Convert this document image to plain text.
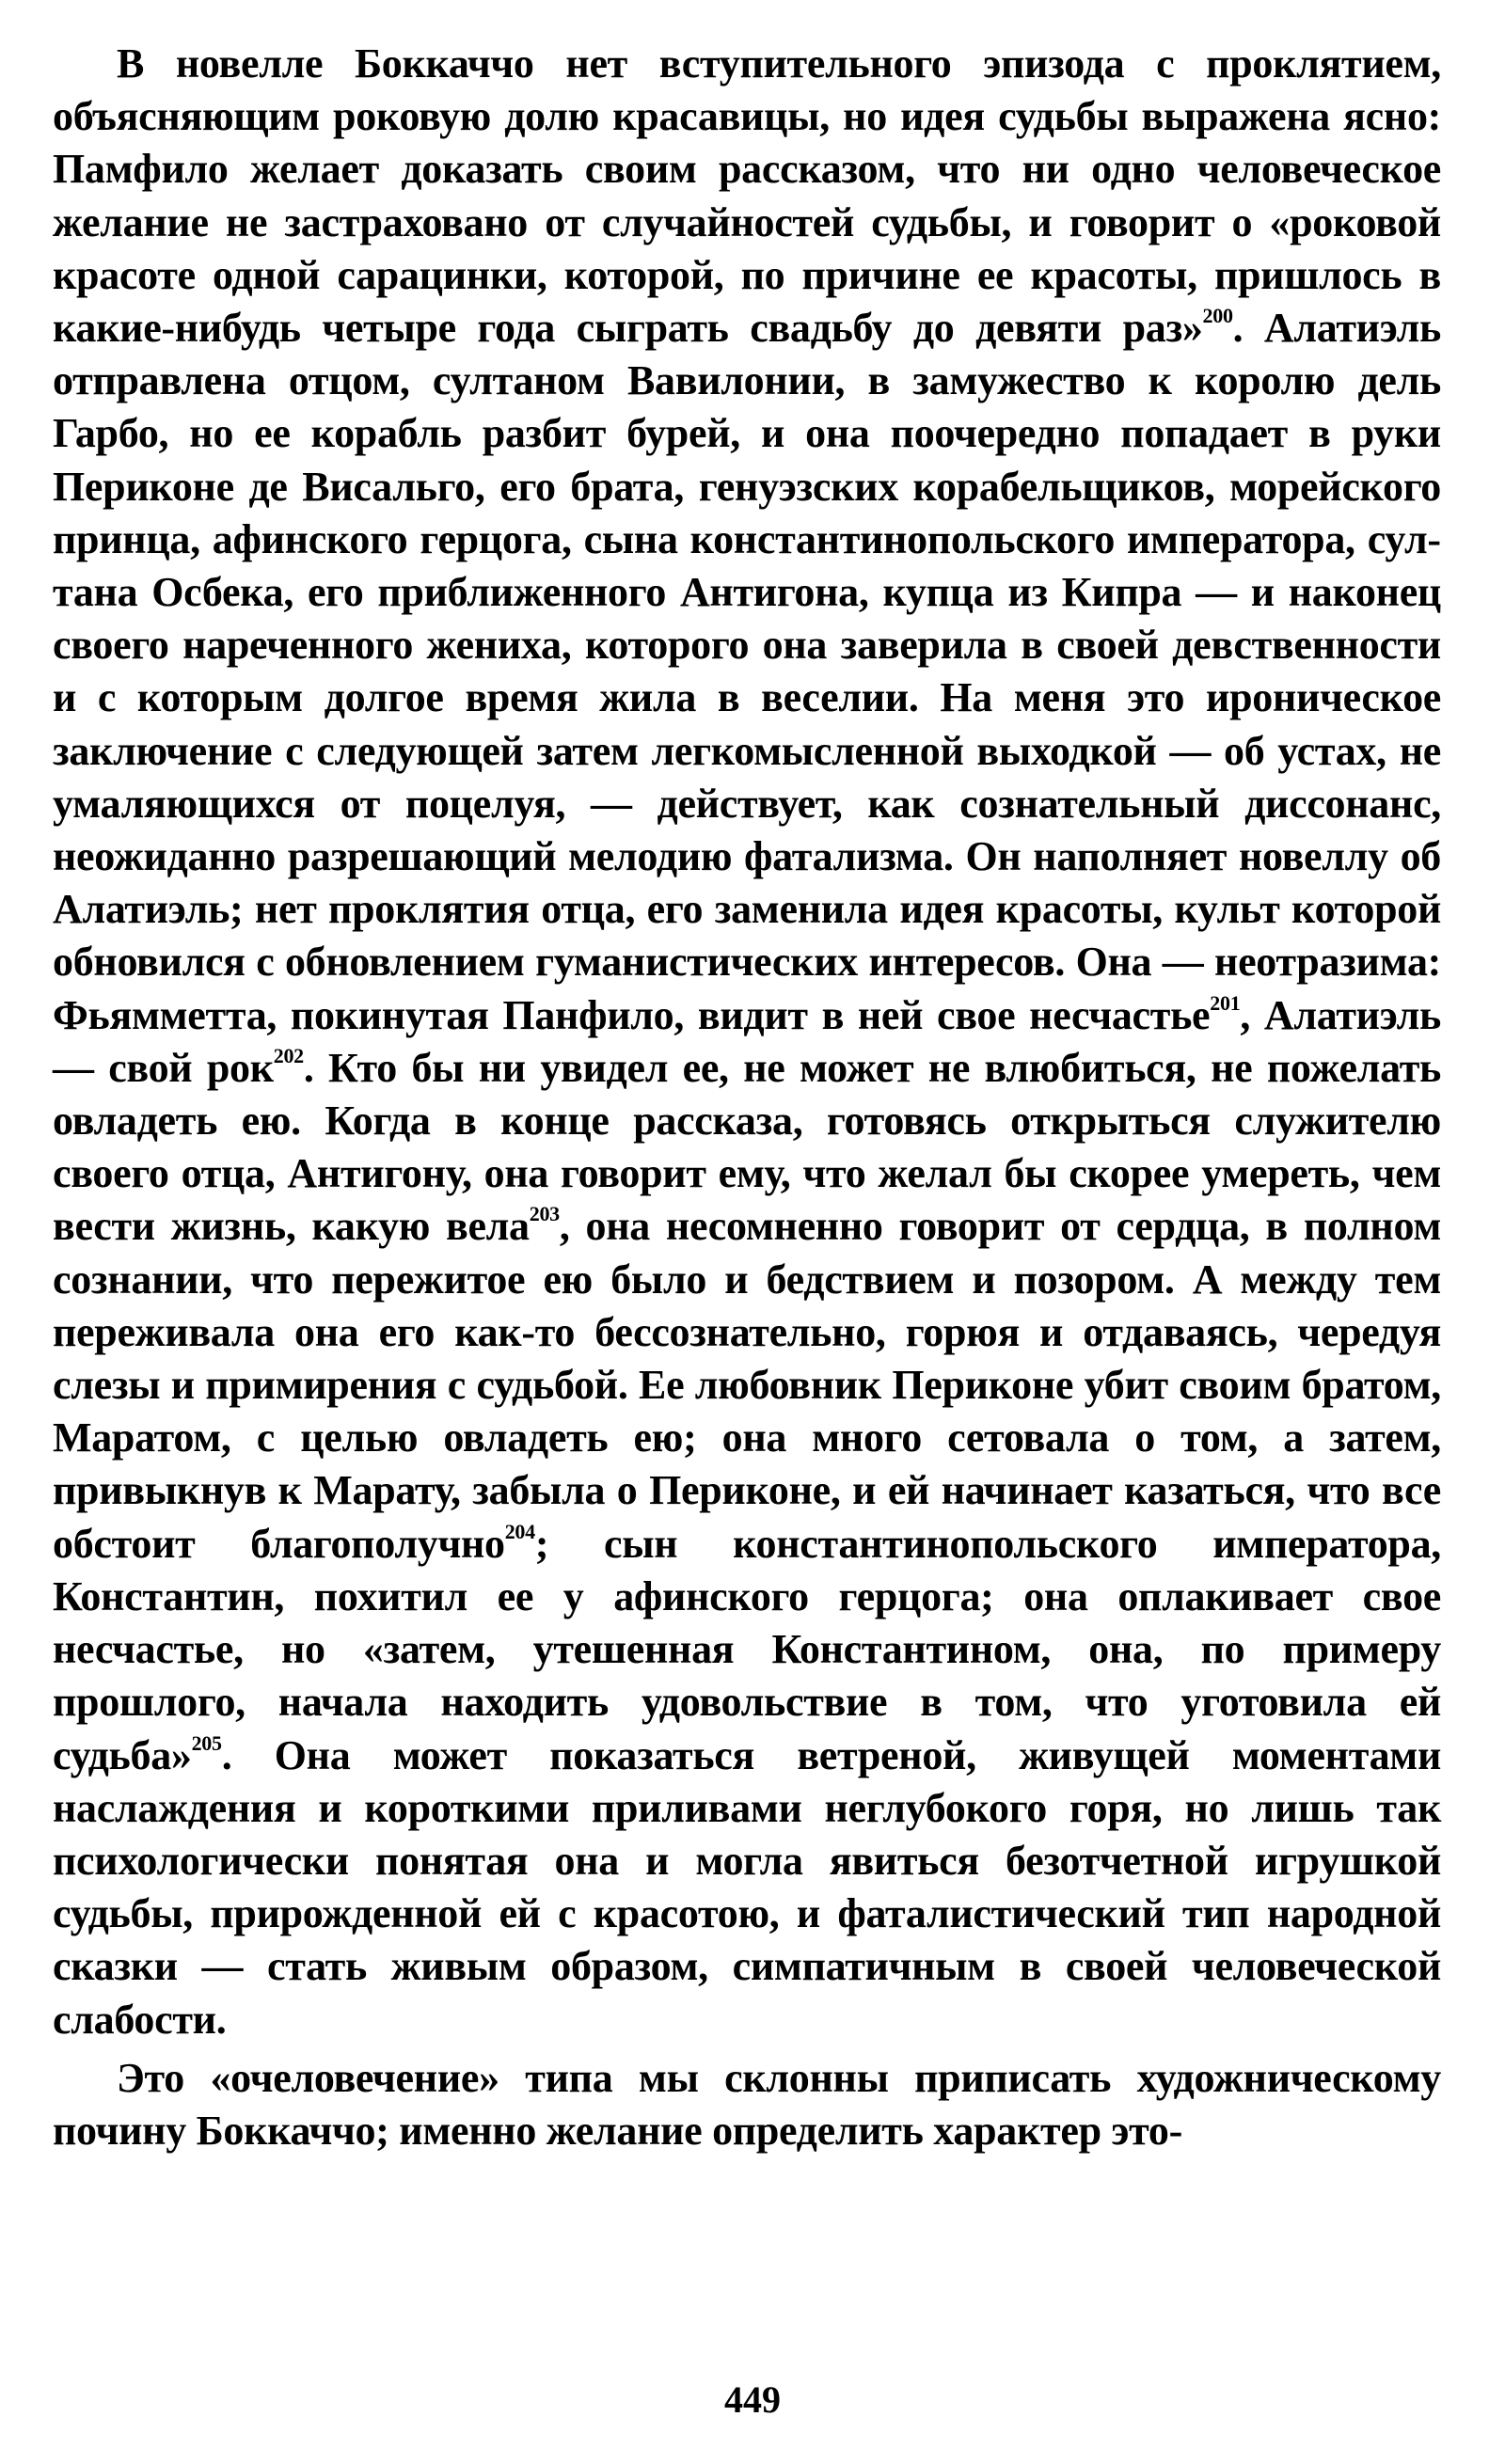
В новелле Боккаччо нет вступительного эпизода с проклятием, объясняющим роковую долю красавицы, но идея судьбы выражена ясно: Памфило желает доказать своим рассказом, что ни одно человеческое желание не застраховано от случайностей судьбы, и говорит о «роковой красоте одной сарацинки, которой, по причине ее красоты, пришлось в какие-нибудь четыре года сыграть свадьбу до девяти раз»$^{200}$. Алатиэль отправлена отцом, султаном Вавилонии, в замужество к королю дель Гарбо, но ее корабль разбит бурей, и она поочередно попадает в руки Периконе де Висальго, его брата, генуэзских корабельщиков, морейского принца, афинского герцога, сына константинопольского императора, султана Осбека, его приближенного Антигона, купца из Кипра — и наконец своего нареченного жениха, которого она заверила в своей девственности и с которым долгое время жила в веселии. На меня это ироническое заключение с следующей затем легкомысленной выходкой — об устах, не умаляющихся от поцелуя, — действует, как сознательный диссонанс, неожиданно разрешающий мелодию фатализма. Он наполняет новеллу об Алатиэль; нет проклятия отца, его заменила идея красоты, культ которой обновился с обновлением гуманистических интересов. Она — неотразима: Фьямметта, покинутая Панфило, видит в ней свое несчастье$^{201}$, Алатиэль — свой рок$^{202}$. Кто бы ни увидел ее, не может не влюбиться, не пожелать овладеть ею. Когда в конце рассказа, готовясь открыться служителю своего отца, Антигону, она говорит ему, что желал бы скорее умереть, чем вести жизнь, какую вела$^{203}$, она несомненно говорит от сердца, в полном сознании, что пережитое ею было и бедствием и позором. А между тем переживала она его как-то бессознательно, горюя и отдаваясь, чередуя слезы и примирения с судьбой. Ее любовник Периконе убит своим братом, Маратом, с целью овладеть ею; она много сетовала о том, а затем, привыкнув к Марату, забыла о Периконе, и ей начинает казаться, что все обстоит благополучно$^{204}$; сын константинопольского императора, Константин, похитил ее у афинского герцога; она оплакивает свое несчастье, но «затем, утешенная Константином, она, по примеру прошлого, начала находить удовольствие в том, что уготовила ей судьба»$^{205}$. Она может показаться ветреной, живущей моментами наслаждения и короткими приливами неглубокого горя, но лишь так психологически понятая она и могла явиться безотчетной игрушкой судьбы, прирожденной ей с красотою, и фаталистический тип народной сказки — стать живым образом, симпатичным в своей человеческой слабости.

Это «очеловечение» типа мы склонны приписать художническому почину Боккаччо; именно желание определить характер это-

449
